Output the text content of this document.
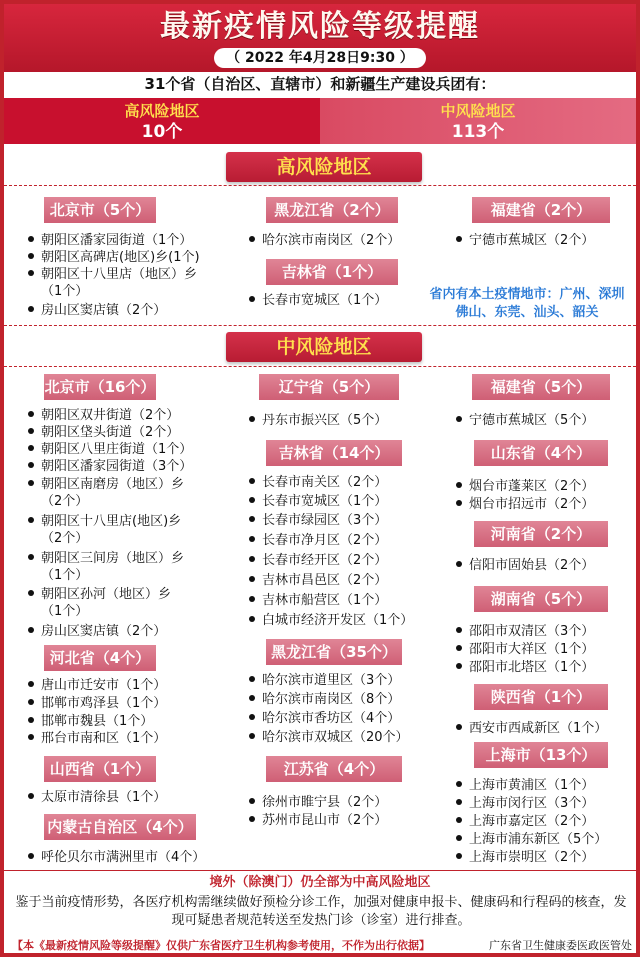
最新疫情风险等级提醒
（ 2022 年4月28日9:30 ）
31个省（自治区、直辖市）和新疆生产建设兵团有：
高风险地区
10个
中风险地区
113个
高风险地区
北京市（5个）
朝阳区潘家园街道（1个）
朝阳区高碑店(地区)乡(1个)
朝阳区十八里店（地区）乡
（1个）
房山区窦店镇（2个）
黑龙江省（2个）
哈尔滨市南岗区（2个）
吉林省（1个）
长春市宽城区（1个）
福建省（2个）
宁德市蕉城区（2个）
省内有本土疫情地市：广州、深圳
佛山、东莞、汕头、韶关
中风险地区
北京市（16个）
朝阳区双井街道（2个）
朝阳区垡头街道（2个）
朝阳区八里庄街道（1个）
朝阳区潘家园街道（3个）
朝阳区南磨房（地区）乡
（2个）
朝阳区十八里店(地区)乡
（2个）
朝阳区三间房（地区）乡
（1个）
朝阳区孙河（地区）乡
（1个）
房山区窦店镇（2个）
河北省（4个）
唐山市迁安市（1个）
邯郸市鸡泽县（1个）
邯郸市魏县（1个）
邢台市南和区（1个）
山西省（1个）
太原市清徐县（1个）
内蒙古自治区（4个）
呼伦贝尔市满洲里市（4个）
辽宁省（5个）
丹东市振兴区（5个）
吉林省（14个）
长春市南关区（2个）
长春市宽城区（1个）
长春市绿园区（3个）
长春市净月区（2个）
长春市经开区（2个）
吉林市昌邑区（2个）
吉林市船营区（1个）
白城市经济开发区（1个）
黑龙江省（35个）
哈尔滨市道里区（3个）
哈尔滨市南岗区（8个）
哈尔滨市香坊区（4个）
哈尔滨市双城区（20个）
江苏省（4个）
徐州市睢宁县（2个）
苏州市昆山市（2个）
福建省（5个）
宁德市蕉城区（5个）
山东省（4个）
烟台市蓬莱区（2个）
烟台市招远市（2个）
河南省（2个）
信阳市固始县（2个）
湖南省（5个）
邵阳市双清区（3个）
邵阳市大祥区（1个）
邵阳市北塔区（1个）
陕西省（1个）
西安市西咸新区（1个）
上海市（13个）
上海市黄浦区（1个）
上海市闵行区（3个）
上海市嘉定区（2个）
上海市浦东新区（5个）
上海市崇明区（2个）
境外（除澳门）仍全部为中高风险地区
鉴于当前疫情形势，各医疗机构需继续做好预检分诊工作，加强对健康申报卡、健康码和行程码的核查，发现可疑患者规范转送至发热门诊（诊室）进行排查。
【本《最新疫情风险等级提醒》仅供广东省医疗卫生机构参考使用，不作为出行依据】	广东省卫生健康委医政医管处
